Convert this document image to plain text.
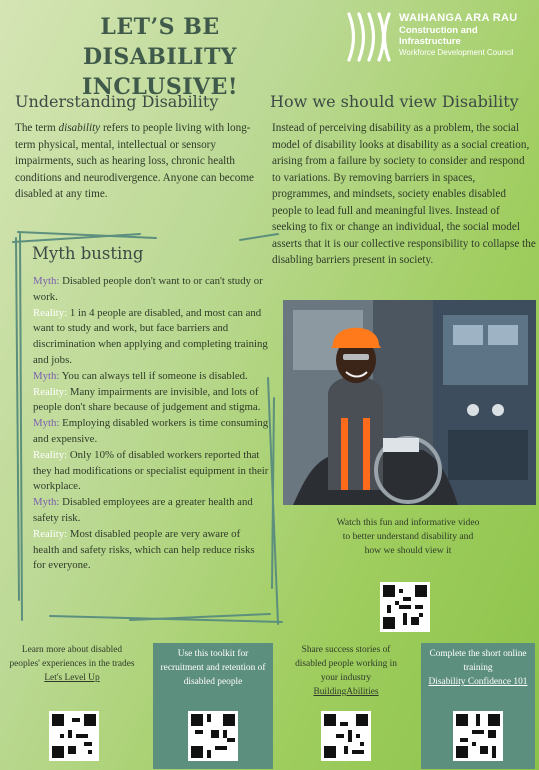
LET’S BE DISABILITY
INCLUSIVE!
WAIHANGA ARA RAU
Construction and
Infrastructure
Workforce Development Council
Understanding Disability
The term disability refers to people living with long-term physical, mental, intellectual or sensory impairments, such as hearing loss, chronic health conditions and neurodivergence. Anyone can become disabled at any time.
How we should view Disability
Instead of perceiving disability as a problem, the social model of disability looks at disability as a social creation, arising from a failure by society to consider and respond to variations. By removing barriers in spaces, programmes, and mindsets, society enables disabled people to lead full and meaningful lives. Instead of seeking to fix or change an individual, the social model asserts that it is our collective responsibility to collapse the disabling barriers present in society.
Myth busting
Myth: Disabled people don't want to or can't study or work.
Reality: 1 in 4 people are disabled, and most can and want to study and work, but face barriers and discrimination when applying and completing training and jobs.
Myth: You can always tell if someone is disabled.
Reality: Many impairments are invisible, and lots of people don't share because of judgement and stigma.
Myth: Employing disabled workers is time consuming and expensive.
Reality: Only 10% of disabled workers reported that they had modifications or specialist equipment in their workplace.
Myth: Disabled employees are a greater health and safety risk.
Reality: Most disabled people are very aware of health and safety risks, which can help reduce risks for everyone.
Watch this fun and informative video to better understand disability and how we should view it
Learn more about disabled peoples' experiences in the trades
Let's Level Up
Use this toolkit for recruitment and retention of disabled people
Share success stories of disabled people working in your industry
BuildingAbilities
Complete the short online training
Disability Confidence 101
